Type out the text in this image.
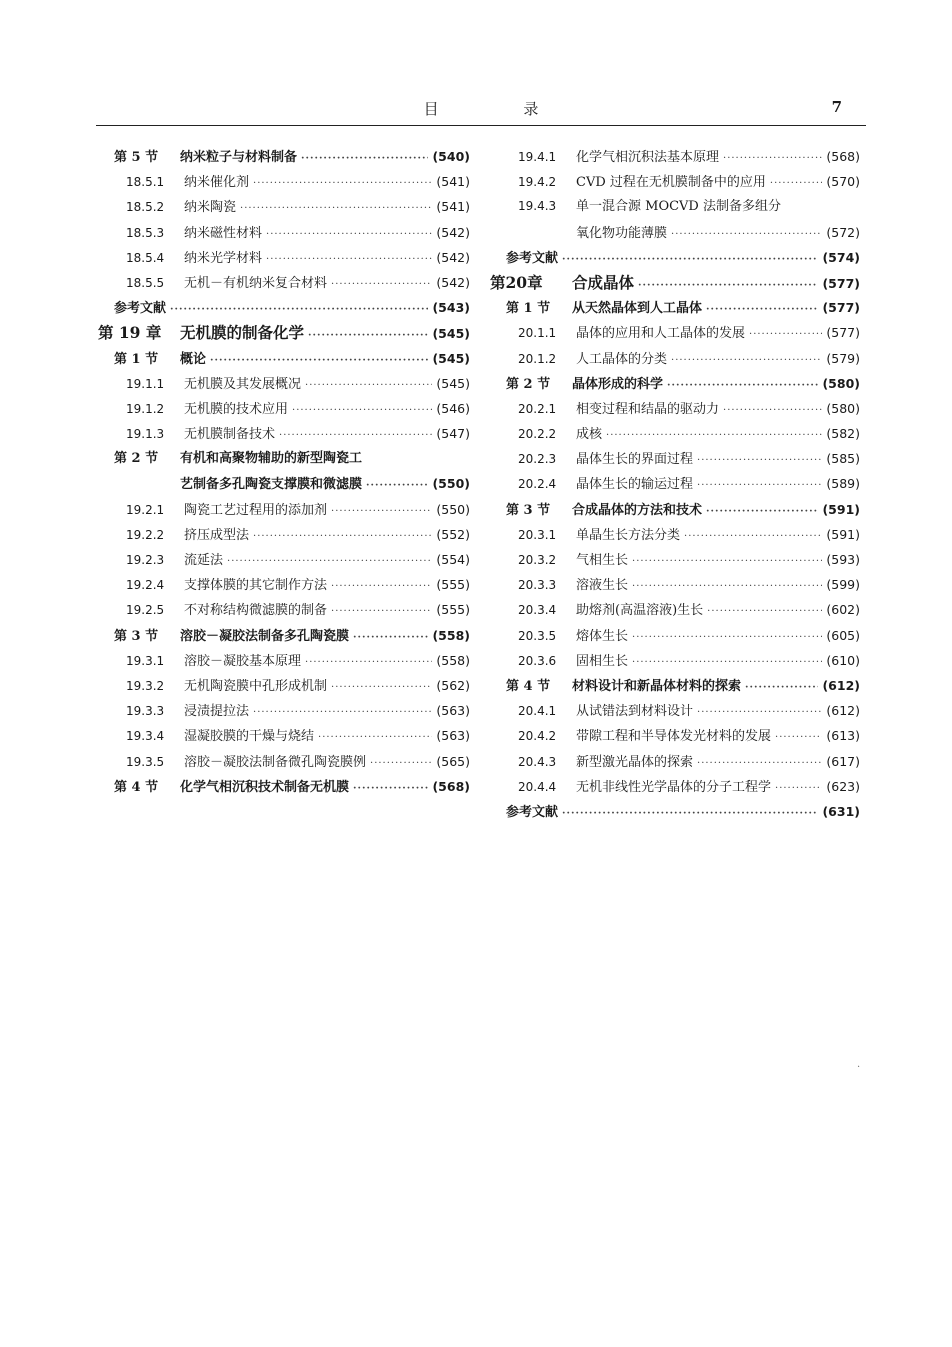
目 录	7
第 5 节	纳米粒子与材料制备 ·····	(540)
18.5.1	纳米催化剂 ·····	(541)
18.5.2	纳米陶瓷 ·····	(541)
18.5.3	纳米磁性材料 ·····	(542)
18.5.4	纳米光学材料 ·····	(542)
18.5.5	无机－有机纳米复合材料 ·····	(542)
参考文献 ·····	(543)
第 19 章	无机膜的制备化学 ·····	(545)
第 1 节	概论 ·····	(545)
19.1.1	无机膜及其发展概况 ·····	(545)
19.1.2	无机膜的技术应用 ·····	(546)
19.1.3	无机膜制备技术 ·····	(547)
第 2 节	有机和高聚物辅助的新型陶瓷工
艺制备多孔陶瓷支撑膜和微滤膜 ·····	(550)
19.2.1	陶瓷工艺过程用的添加剂 ·····	(550)
19.2.2	挤压成型法 ·····	(552)
19.2.3	流延法 ·····	(554)
19.2.4	支撑体膜的其它制作方法 ·····	(555)
19.2.5	不对称结构微滤膜的制备 ·····	(555)
第 3 节	溶胶－凝胶法制备多孔陶瓷膜 ·····	(558)
19.3.1	溶胶－凝胶基本原理 ·····	(558)
19.3.2	无机陶瓷膜中孔形成机制 ·····	(562)
19.3.3	浸渍提拉法 ·····	(563)
19.3.4	湿凝胶膜的干燥与烧结 ·····	(563)
19.3.5	溶胶－凝胶法制备微孔陶瓷膜例 ·····	(565)
第 4 节	化学气相沉积技术制备无机膜 ·····	(568)
19.4.1	化学气相沉积法基本原理 ·····	(568)
19.4.2	CVD 过程在无机膜制备中的应用 ·····	(570)
19.4.3	单一混合源 MOCVD 法制备多组分
氧化物功能薄膜 ·····	(572)
参考文献 ·····	(574)
第20章	合成晶体 ·····	(577)
第 1 节	从天然晶体到人工晶体 ·····	(577)
20.1.1	晶体的应用和人工晶体的发展 ·····	(577)
20.1.2	人工晶体的分类 ·····	(579)
第 2 节	晶体形成的科学 ·····	(580)
20.2.1	相变过程和结晶的驱动力 ·····	(580)
20.2.2	成核 ·····	(582)
20.2.3	晶体生长的界面过程 ·····	(585)
20.2.4	晶体生长的输运过程 ·····	(589)
第 3 节	合成晶体的方法和技术 ·····	(591)
20.3.1	单晶生长方法分类 ·····	(591)
20.3.2	气相生长 ·····	(593)
20.3.3	溶液生长 ·····	(599)
20.3.4	助熔剂(高温溶液)生长 ·····	(602)
20.3.5	熔体生长 ·····	(605)
20.3.6	固相生长 ·····	(610)
第 4 节	材料设计和新晶体材料的探索 ·····	(612)
20.4.1	从试错法到材料设计 ·····	(612)
20.4.2	带隙工程和半导体发光材料的发展 ·····	(613)
20.4.3	新型激光晶体的探索 ·····	(617)
20.4.4	无机非线性光学晶体的分子工程学 ·····	(623)
参考文献 ·····	(631)
·
